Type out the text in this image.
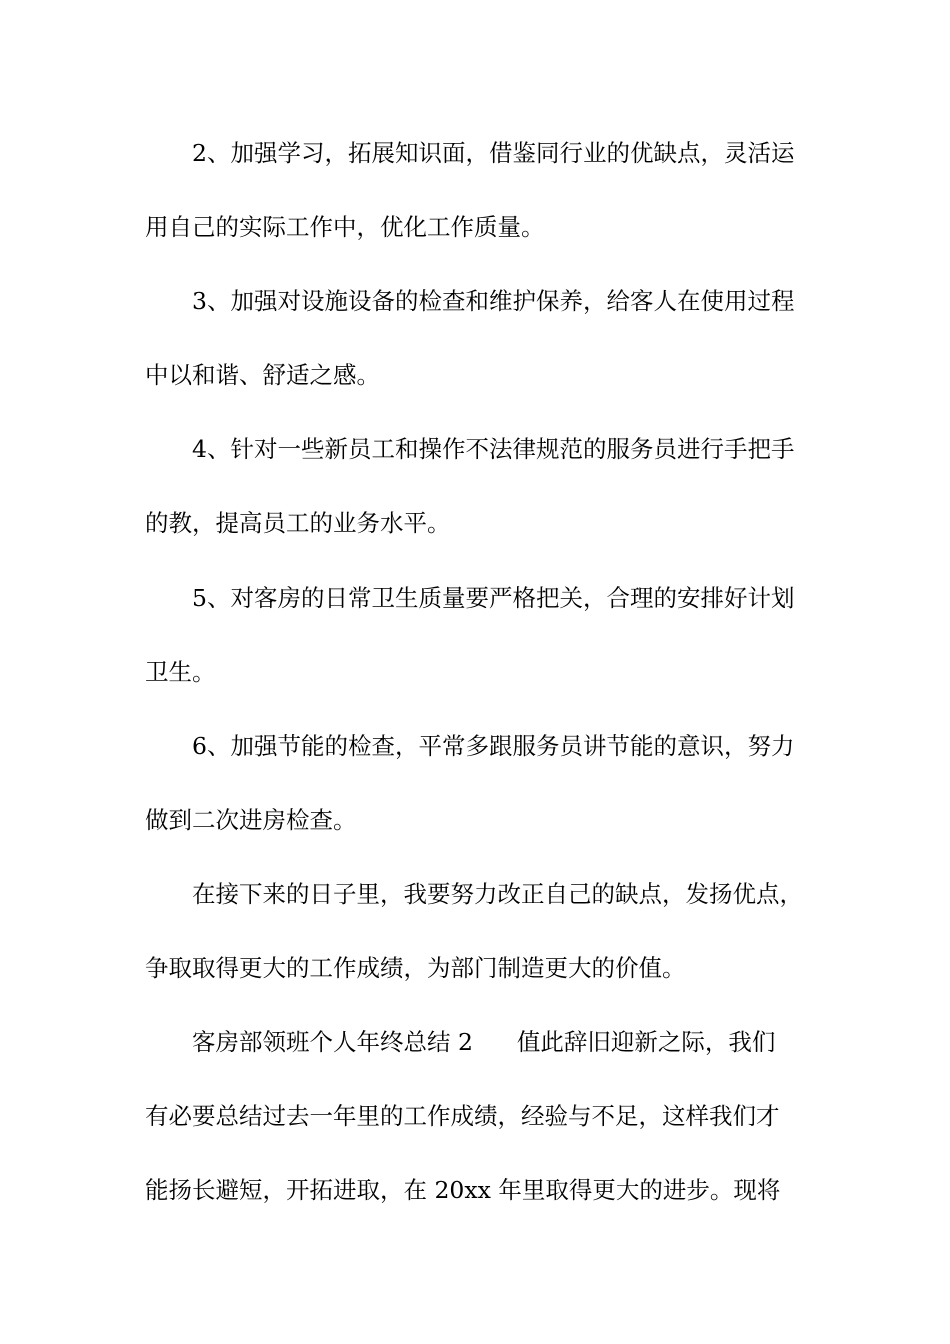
2、加强学习，拓展知识面，借鉴同行业的优缺点，灵活运
用自己的实际工作中，优化工作质量。
3、加强对设施设备的检查和维护保养，给客人在使用过程
中以和谐、舒适之感。
4、针对一些新员工和操作不法律规范的服务员进行手把手
的教，提高员工的业务水平。
5、对客房的日常卫生质量要严格把关，合理的安排好计划
卫生。
6、加强节能的检查，平常多跟服务员讲节能的意识，努力
做到二次进房检查。
在接下来的日子里，我要努力改正自己的缺点，发扬优点，
争取取得更大的工作成绩，为部门制造更大的价值。
客房部领班个人年终总结 2 值此辞旧迎新之际，我们
有必要总结过去一年里的工作成绩，经验与不足，这样我们才
能扬长避短，开拓进取，在 20xx 年里取得更大的进步。现将
